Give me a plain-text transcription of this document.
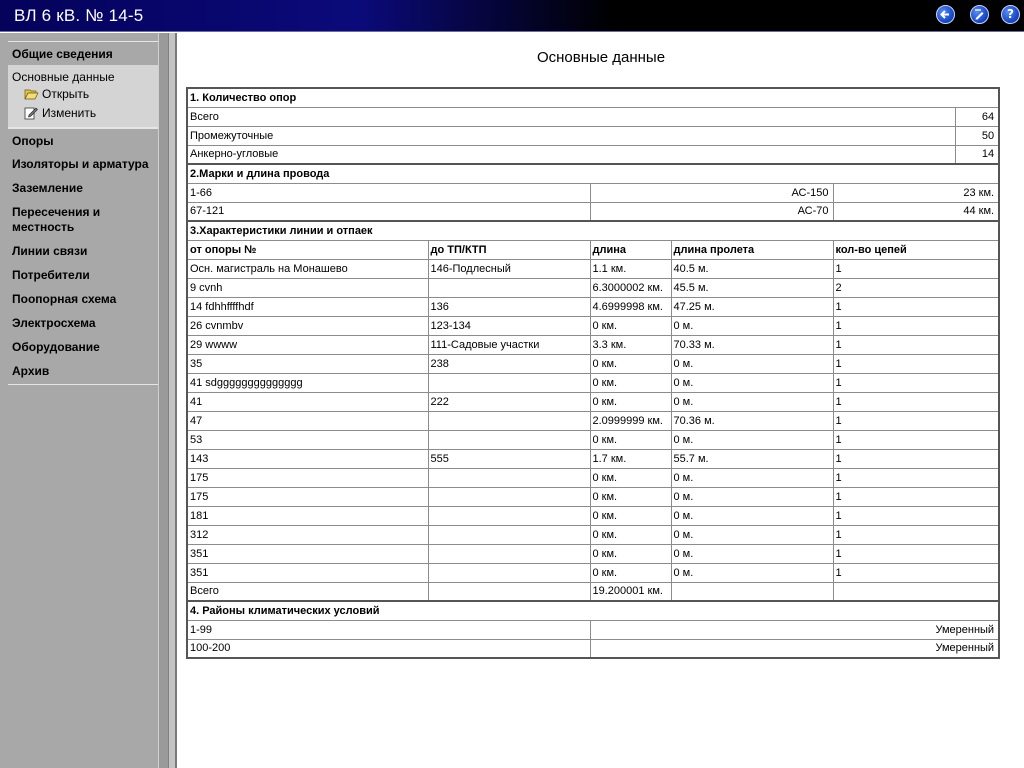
ВЛ 6 кВ. № 14-5	?
Общие сведения
Основные данные
Открыть
Изменить
Опоры
Изоляторы и арматура
Заземление
Пересечения и местность
Линии связи
Потребители
Поопорная схема
Электросхема
Оборудование
Архив
Основные данные
1. Количество опор					
Всего					64
Промежуточные					50
Анкерно-угловые					14
2.Марки и длина провода					
1-66		АС-150		23 км.	
67-121		АС-70		44 км.	
3.Характеристики линии и отпаек					
от опоры №	до ТП/КТП	длина	длина пролета	кол-во цепей	
Осн. магистраль на Монашево	146-Подлесный	1.1 км.	40.5 м.	1	
9 cvnh		6.3000002 км.	45.5 м.	2	
14 fdhhffffhdf	136	4.6999998 км.	47.25 м.	1	
26 cvnmbv	123-134	0 км.	0 м.	1	
29 wwww	111-Садовые участки	3.3 км.	70.33 м.	1	
35	238	0 км.	0 м.	1	
41 sdgggggggggggggg		0 км.	0 м.	1	
41	222	0 км.	0 м.	1	
47		2.0999999 км.	70.36 м.	1	
53		0 км.	0 м.	1	
143	555	1.7 км.	55.7 м.	1	
175		0 км.	0 м.	1	
175		0 км.	0 м.	1	
181		0 км.	0 м.	1	
312		0 км.	0 м.	1	
351		0 км.	0 м.	1	
351		0 км.	0 м.	1	
Всего		19.200001 км.			
4. Районы климатических условий					
1-99		Умеренный			
100-200		Умеренный			
